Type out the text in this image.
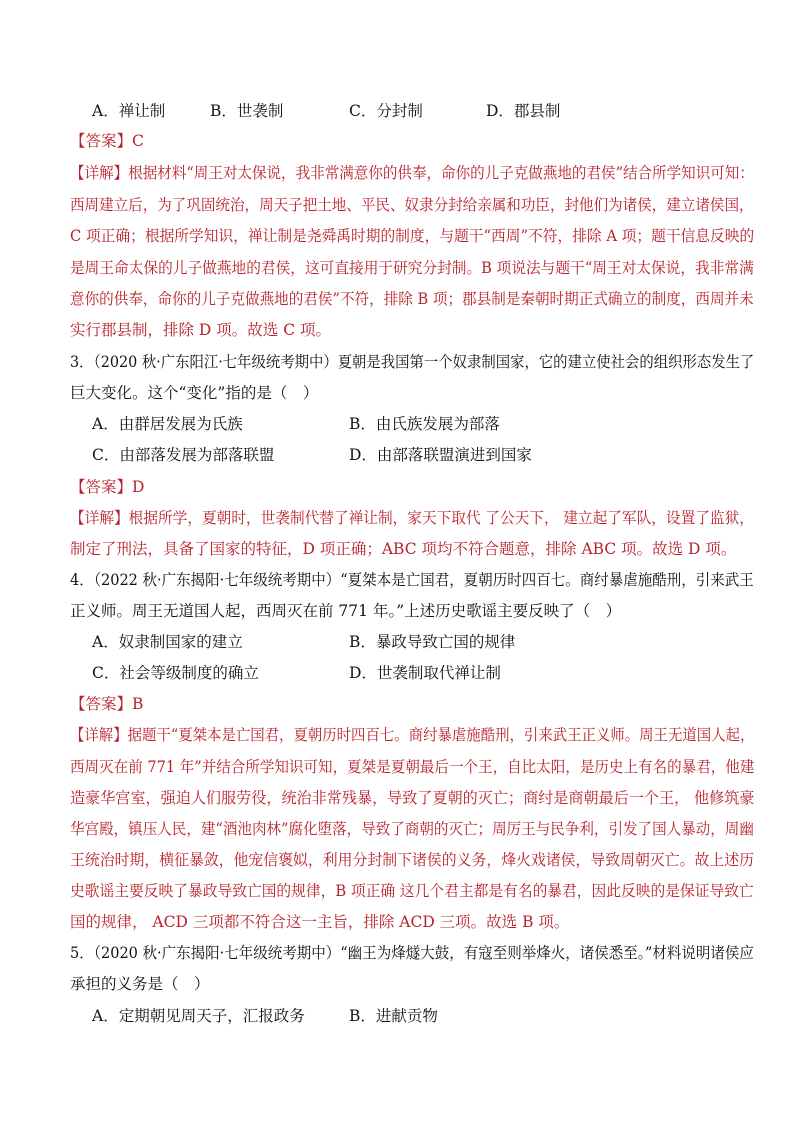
A．禅让制	B．世袭制	C．分封制	D．郡县制
【答案】C
【详解】根据材料“周王对太保说，我非常满意你的供奉，命你的儿子克做燕地的君侯”结合所学知识可知：
西周建立后，为了巩固统治，周天子把土地、平民、奴隶分封给亲属和功臣，封他们为诸侯，建立诸侯国，
C 项正确；根据所学知识，禅让制是尧舜禹时期的制度，与题干“西周”不符，排除 A 项；题干信息反映的
是周王命太保的儿子做燕地的君侯，这可直接用于研究分封制。B 项说法与题干“周王对太保说，我非常满
意你的供奉，命你的儿子克做燕地的君侯”不符，排除 B 项；郡县制是秦朝时期正式确立的制度，西周并未
实行郡县制，排除 D 项。故选 C 项。
3．（2020 秋·广东阳江·七年级统考期中）夏朝是我国第一个奴隶制国家，它的建立使社会的组织形态发生了
巨大变化。这个“变化”指的是（　）
A．由群居发展为氏族	B．由氏族发展为部落
C．由部落发展为部落联盟	D．由部落联盟演进到国家
【答案】D
【详解】根据所学，夏朝时，世袭制代替了禅让制，家天下取代 了公天下， 建立起了军队，设置了监狱，
制定了刑法，具备了国家的特征，D 项正确；ABC 项均不符合题意，排除 ABC 项。故选 D 项。
4．（2022 秋·广东揭阳·七年级统考期中）“夏桀本是亡国君，夏朝历时四百七。商纣暴虐施酷刑，引来武王
正义师。周王无道国人起，西周灭在前 771 年。”上述历史歌谣主要反映了（　）
A．奴隶制国家的建立	B．暴政导致亡国的规律
C．社会等级制度的确立	D．世袭制取代禅让制
【答案】B
【详解】据题干“夏桀本是亡国君，夏朝历时四百七。商纣暴虐施酷刑，引来武王正义师。周王无道国人起，
西周灭在前 771 年”并结合所学知识可知，夏桀是夏朝最后一个王，自比太阳，是历史上有名的暴君，他建
造豪华宫室，强迫人们服劳役，统治非常残暴，导致了夏朝的灭亡；商纣是商朝最后一个王， 他修筑豪
华宫殿，镇压人民，建“酒池肉林”腐化堕落，导致了商朝的灭亡；周厉王与民争利，引发了国人暴动，周幽
王统治时期，横征暴敛，他宠信褒姒，利用分封制下诸侯的义务，烽火戏诸侯，导致周朝灭亡。故上述历
史歌谣主要反映了暴政导致亡国的规律，B 项正确 这几个君主都是有名的暴君，因此反映的是保证导致亡
国的规律， ACD 三项都不符合这一主旨，排除 ACD 三项。故选 B 项。
5．（2020 秋·广东揭阳·七年级统考期中）“幽王为烽燧大鼓，有寇至则举烽火，诸侯悉至。”材料说明诸侯应
承担的义务是（　）
A．定期朝见周天子，汇报政务	B．进献贡物
